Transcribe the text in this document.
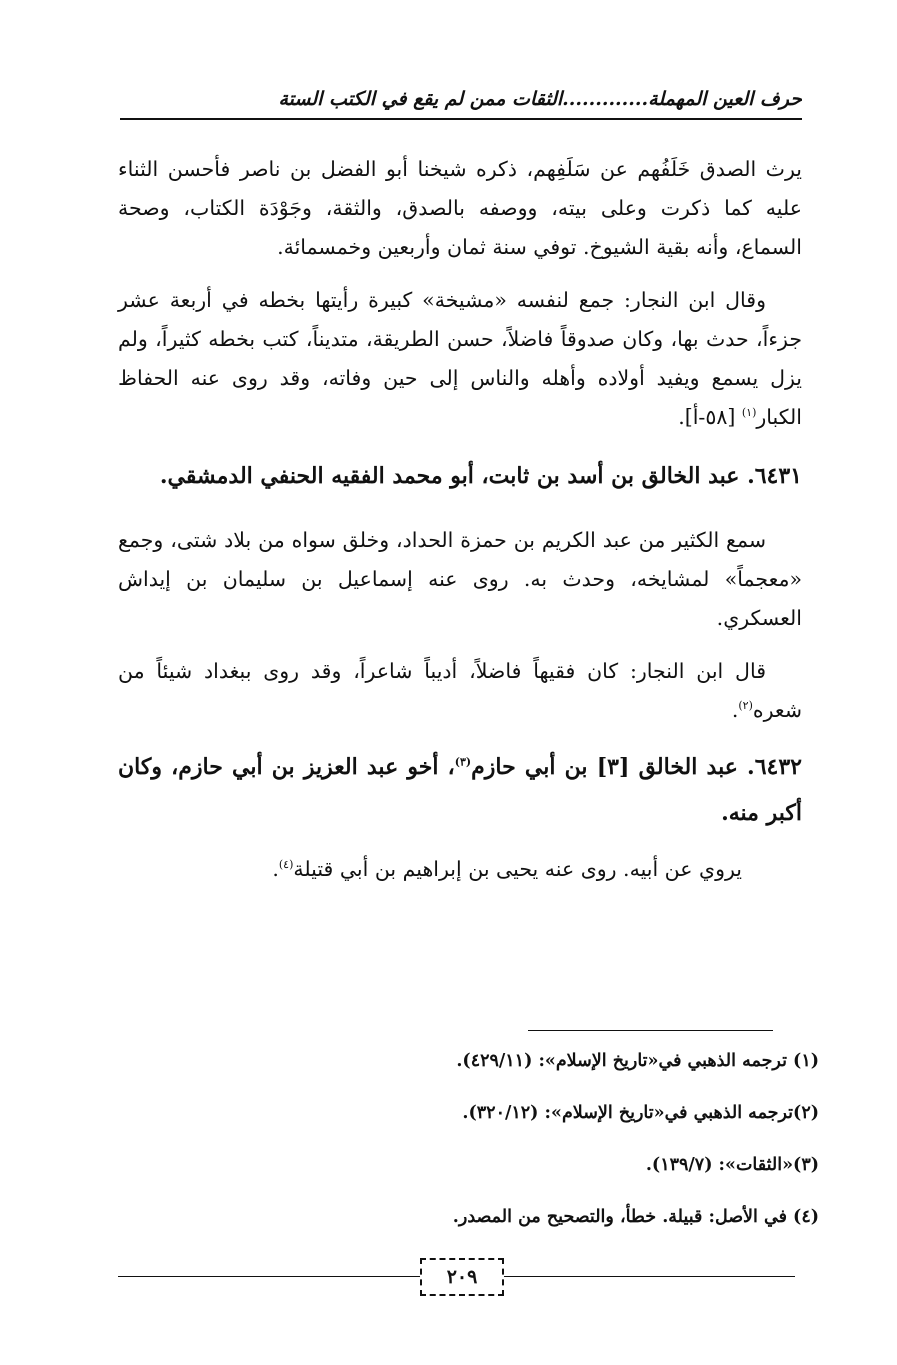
حرف العين المهملة.............الثقات ممن لم يقع في الكتب الستة

يرث الصدق خَلَفُهم عن سَلَفِهم، ذكره شيخنا أبو الفضل بن ناصر فأحسن الثناء عليه كما ذكرت وعلى بيته، ووصفه بالصدق، والثقة، وجَوْدَة الكتاب، وصحة السماع، وأنه بقية الشيوخ. توفي سنة ثمان وأربعين وخمسمائة.

وقال ابن النجار: جمع لنفسه «مشيخة» كبيرة رأيتها بخطه في أربعة عشر جزءاً، حدث بها، وكان صدوقاً فاضلاً، حسن الطريقة، متديناً، كتب بخطه كثيراً، ولم يزل يسمع ويفيد أولاده وأهله والناس إلى حين وفاته، وقد روى عنه الحفاظ الكبار$^{(١)}$ [٥٨-أ].

٦٤٣١. عبد الخالق بن أسد بن ثابت، أبو محمد الفقيه الحنفي الدمشقي.

سمع الكثير من عبد الكريم بن حمزة الحداد، وخلق سواه من بلاد شتى، وجمع «معجماً» لمشايخه، وحدث به. روى عنه إسماعيل بن سليمان بن إيداش العسكري.

قال ابن النجار: كان فقيهاً فاضلاً، أديباً شاعراً، وقد روى ببغداد شيئاً من شعره$^{(٢)}$.

٦٤٣٢. عبد الخالق [٣] بن أبي حازم$^{(٣)}$، أخو عبد العزيز بن أبي حازم، وكان أكبر منه.

يروي عن أبيه. روى عنه يحيى بن إبراهيم بن أبي قتيلة$^{(٤)}$.

(١) ترجمه الذهبي في«تاريخ الإسلام»: (٤٢٩/١١).
(٢)ترجمه الذهبي في«تاريخ الإسلام»: (٣٢٠/١٢).
(٣)«الثقات»: (١٣٩/٧).
(٤) في الأصل: قبيلة. خطأ، والتصحيح من المصدر.
٢٠٩
